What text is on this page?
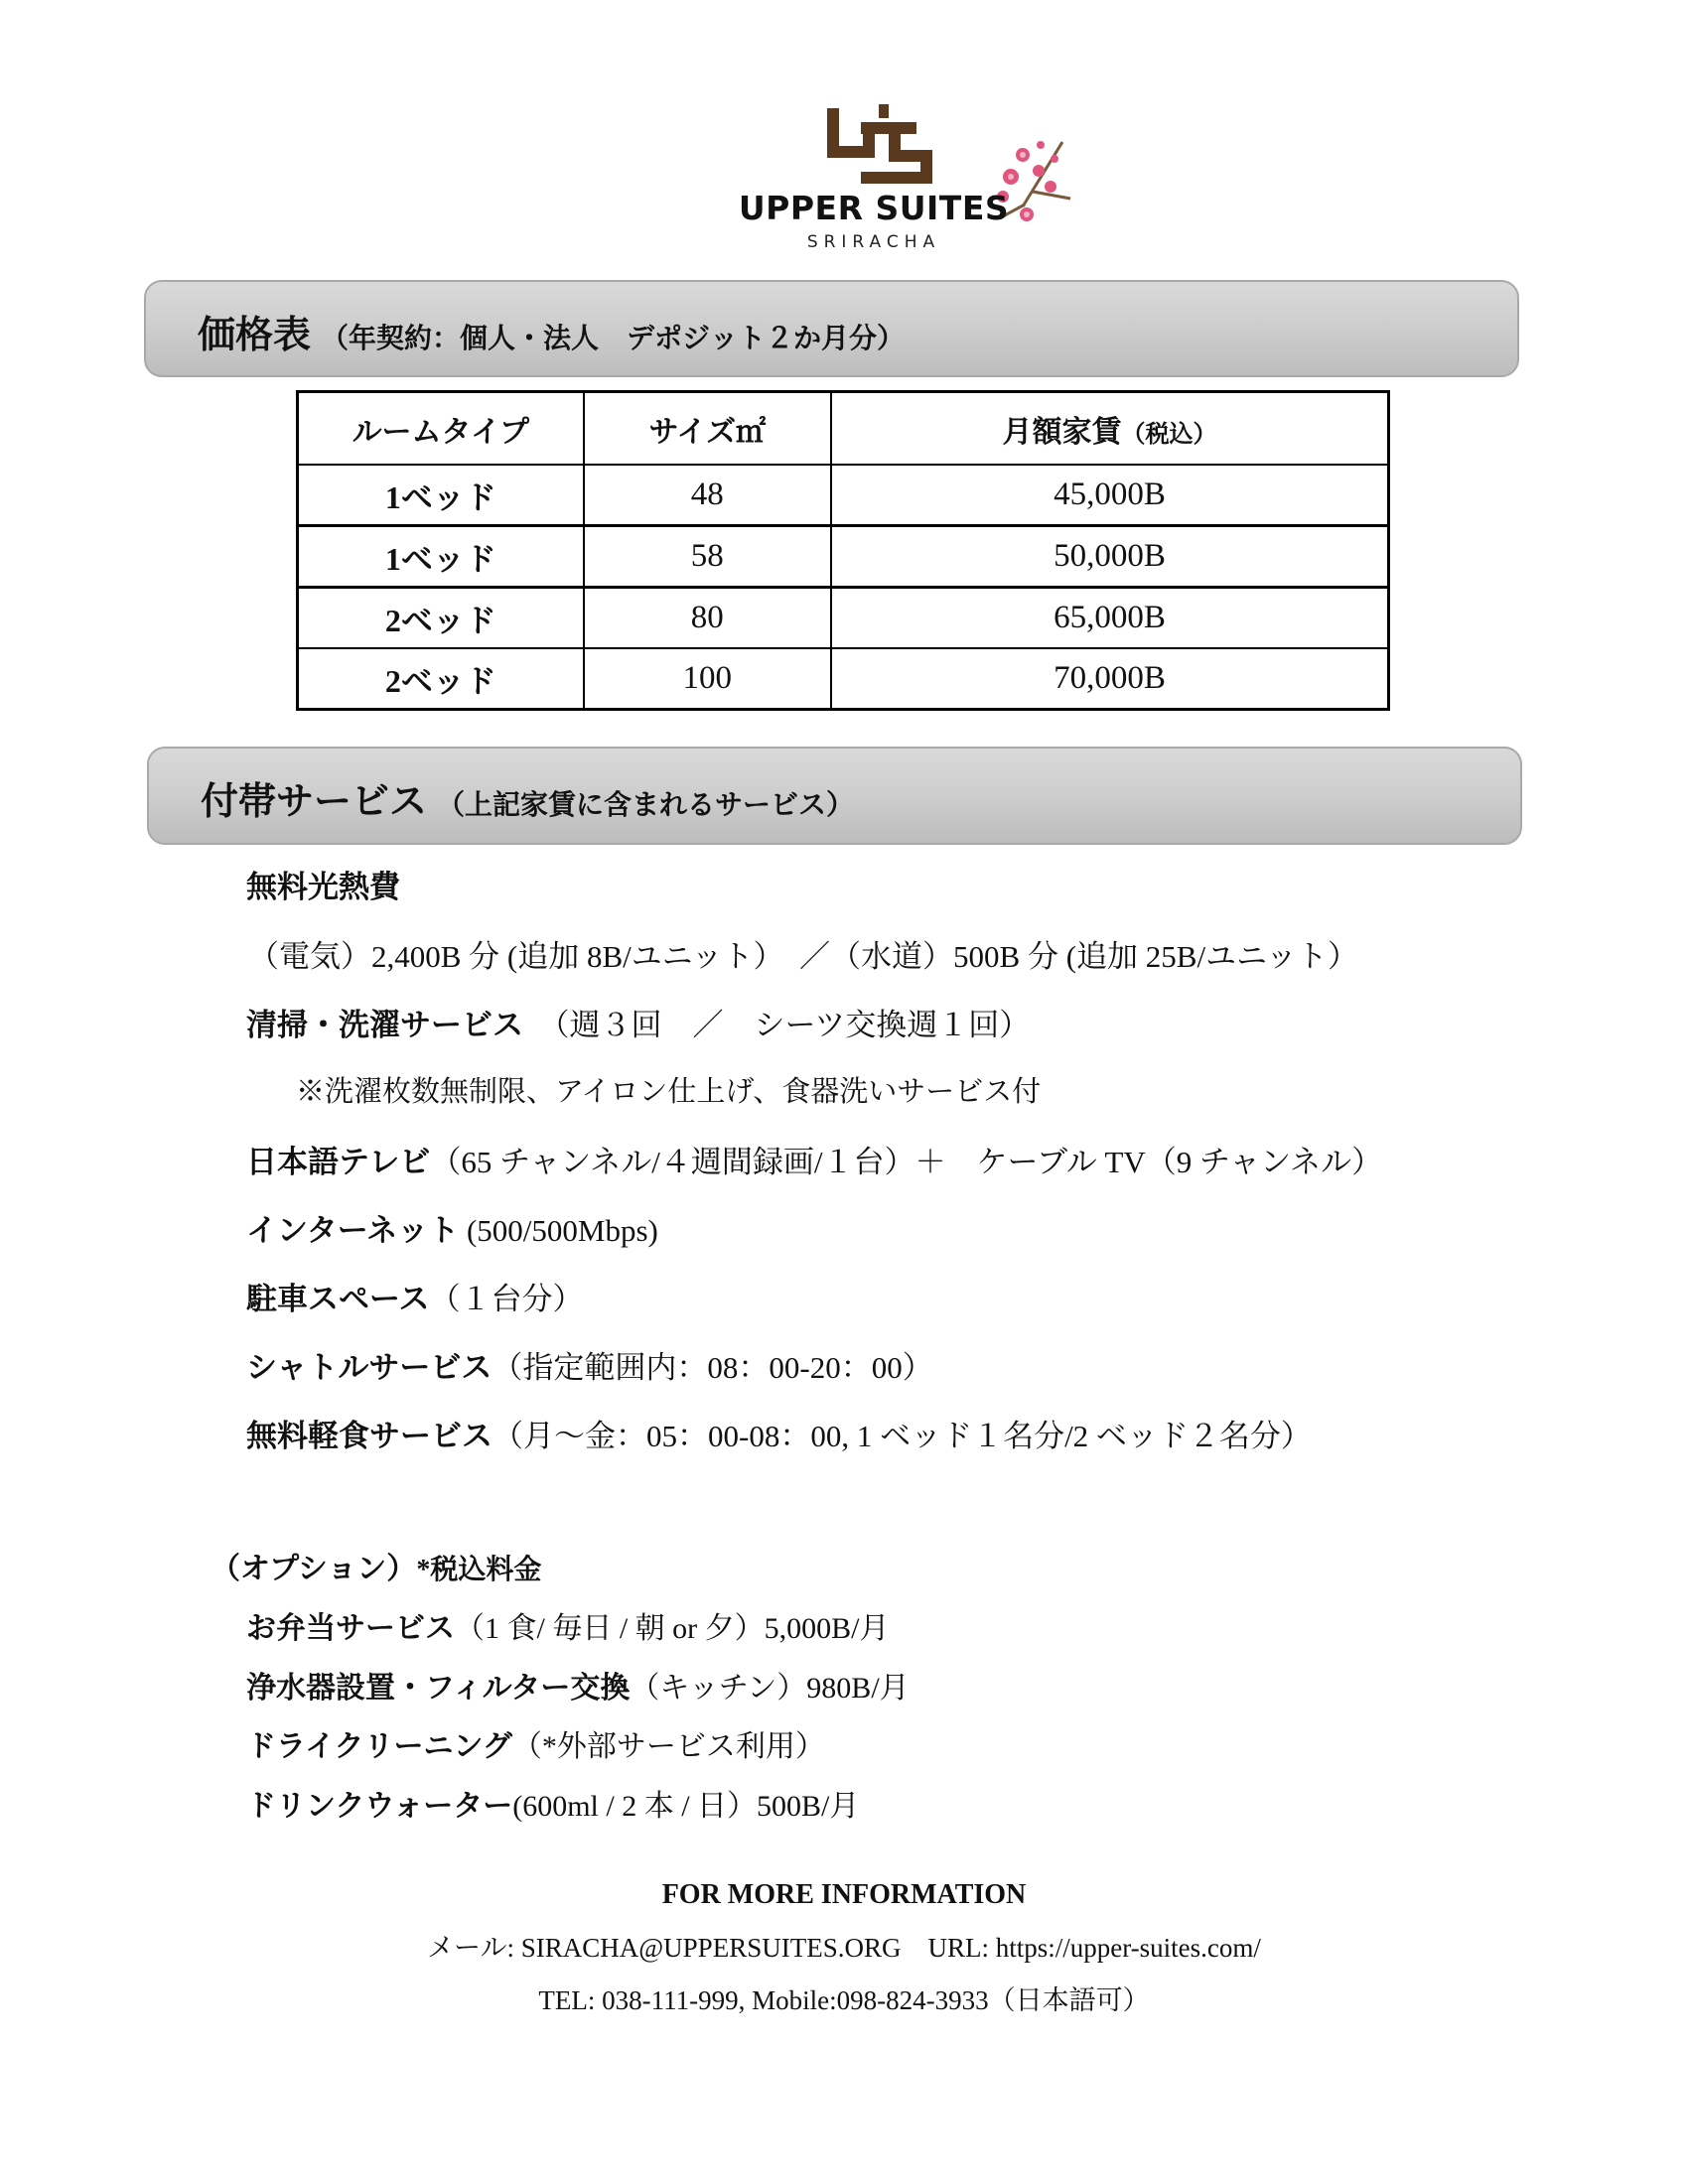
UPPER SUITES
SRIRACHA
価格表 （年契約：個人・法人　デポジット２か月分）
ルームタイプ	サイズ㎡	月額家賃（税込）
1ベッド	48	45,000B
1ベッド	58	50,000B
2ベッド	80	65,000B
2ベッド	100	70,000B
付帯サービス （上記家賃に含まれるサービス）
無料光熱費
（電気）2,400B 分 (追加 8B/ユニット）　／（水道）500B 分 (追加 25B/ユニット）
清掃・洗濯サービス　（週３回　／　シーツ交換週１回）
※洗濯枚数無制限、アイロン仕上げ、食器洗いサービス付
日本語テレビ（65 チャンネル/４週間録画/１台）＋　ケーブル TV（9 チャンネル）
インターネット (500/500Mbps)
駐車スペース（１台分）
シャトルサービス（指定範囲内：08：00-20：00）
無料軽食サービス（月～金：05：00-08：00, 1 ベッド１名分/2 ベッド２名分）
（オプション）*税込料金
お弁当サービス（1 食/ 毎日 / 朝 or 夕）5,000B/月
浄水器設置・フィルター交換（キッチン）980B/月
ドライクリーニング（*外部サービス利用）
ドリンクウォーター(600ml / 2 本 / 日）500B/月
FOR MORE INFORMATION
メール: SIRACHA@UPPERSUITES.ORG　URL: https://upper-suites.com/
TEL: 038-111-999, Mobile:098-824-3933（日本語可）
